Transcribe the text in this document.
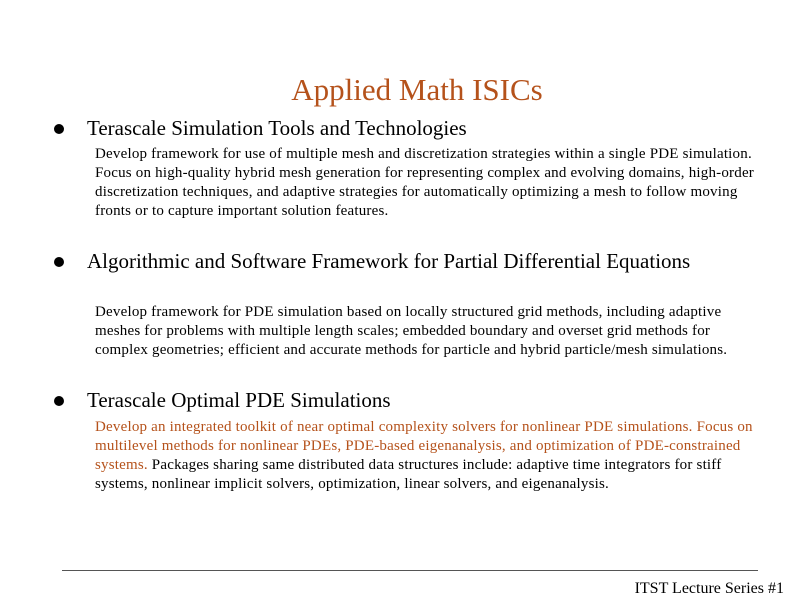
Applied Math ISICs
Terascale Simulation Tools and Technologies
Develop framework for use of multiple mesh and discretization strategies within a single PDE simulation. Focus on high-quality hybrid mesh generation for representing complex and evolving domains, high-order discretization techniques, and adaptive strategies for automatically optimizing a mesh to follow moving fronts or to capture important solution features.
Algorithmic and Software Framework for Partial Differential Equations
Develop framework for PDE simulation based on locally structured grid methods, including adaptive meshes for problems with multiple length scales; embedded boundary and overset grid methods for complex geometries; efficient and accurate methods for particle and hybrid particle/mesh simulations.
Terascale Optimal PDE Simulations
Develop an integrated toolkit of near optimal complexity solvers for nonlinear PDE simulations. Focus on multilevel methods for nonlinear PDEs, PDE-based eigenanalysis, and optimization of PDE-constrained systems. Packages sharing same distributed data structures include: adaptive time integrators for stiff systems, nonlinear implicit solvers, optimization, linear solvers, and eigenanalysis.
ITST Lecture Series #1
